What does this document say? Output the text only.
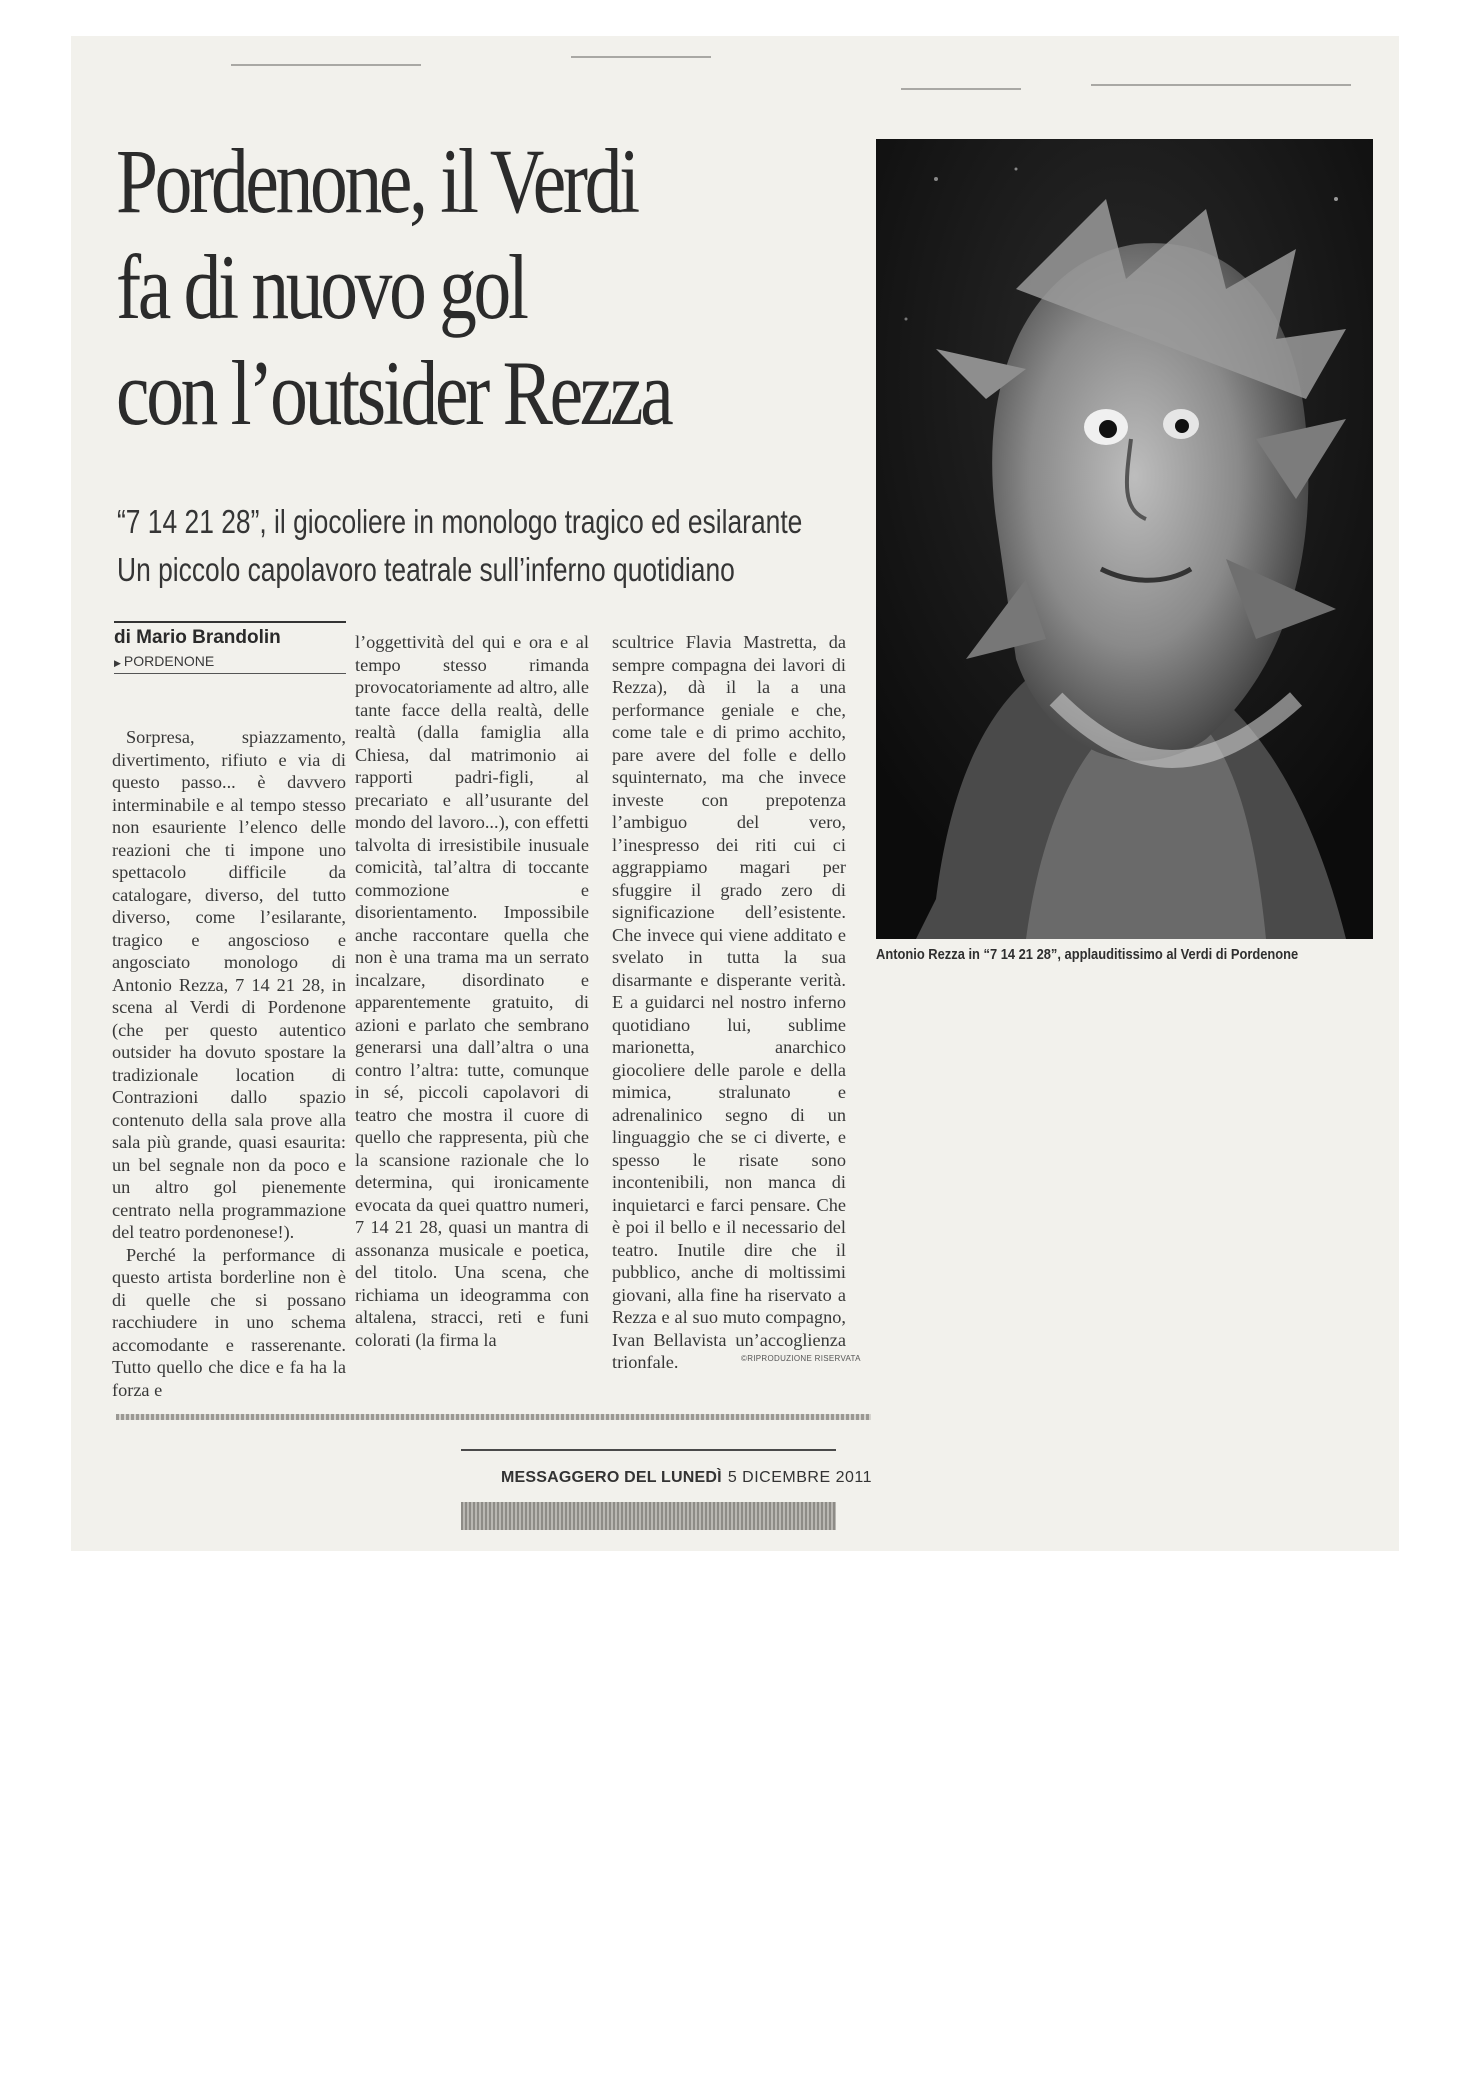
Pordenone, il Verdi
fa di nuovo gol
con l’outsider Rezza
“7 14 21 28”, il giocoliere in monologo tragico ed esilarante
Un piccolo capolavoro teatrale sull’inferno quotidiano
di Mario Brandolin
▶ PORDENONE

Sorpresa, spiazzamento, divertimento, rifiuto e via di questo passo... è davvero interminabile e al tempo stesso non esauriente l’elenco delle reazioni che ti impone uno spettacolo difficile da catalogare, diverso, del tutto diverso, come l’esilarante, tragico e angoscioso e angosciato monologo di Antonio Rezza, 7 14 21 28, in scena al Verdi di Pordenone (che per questo autentico outsider ha dovuto spostare la tradizionale location di Contrazioni dallo spazio contenuto della sala prove alla sala più grande, quasi esaurita: un bel segnale non da poco e un altro gol pienemente centrato nella programmazione del teatro pordenonese!).

Perché la performance di questo artista borderline non è di quelle che si possano racchiudere in uno schema accomodante e rasserenante. Tutto quello che dice e fa ha la forza e

l’oggettività del qui e ora e al tempo stesso rimanda provocatoriamente ad altro, alle tante facce della realtà, delle realtà (dalla famiglia alla Chiesa, dal matrimonio ai rapporti padri-figli, al precariato e all’usurante del mondo del lavoro...), con effetti talvolta di irresistibile inusuale comicità, tal’altra di toccante commozione e disorientamento. Impossibile anche raccontare quella che non è una trama ma un serrato incalzare, disordinato e apparentemente gratuito, di azioni e parlato che sembrano generarsi una dall’altra o una contro l’altra: tutte, comunque in sé, piccoli capolavori di teatro che mostra il cuore di quello che rappresenta, più che la scansione razionale che lo determina, qui ironicamente evocata da quei quattro numeri, 7 14 21 28, quasi un mantra di assonanza musicale e poetica, del titolo. Una scena, che richiama un ideogramma con altalena, stracci, reti e funi colorati (la firma la

scultrice Flavia Mastretta, da sempre compagna dei lavori di Rezza), dà il la a una performance geniale e che, come tale e di primo acchito, pare avere del folle e dello squinternato, ma che invece investe con prepotenza l’ambiguo del vero, l’inespresso dei riti cui ci aggrappiamo magari per sfuggire il grado zero di significazione dell’esistente. Che invece qui viene additato e svelato in tutta la sua disarmante e disperante verità. E a guidarci nel nostro inferno quotidiano lui, sublime marionetta, anarchico giocoliere delle parole e della mimica, stralunato e adrenalinico segno di un linguaggio che se ci diverte, e spesso le risate sono incontenibili, non manca di inquietarci e farci pensare. Che è poi il bello e il necessario del teatro. Inutile dire che il pubblico, anche di moltissimi giovani, alla fine ha riservato a Rezza e al suo muto compagno, Ivan Bellavista un’accoglienza trionfale.	©RIPRODUZIONE RISERVATA
Antonio Rezza in “7 14 21 28”, applauditissimo al Verdi di Pordenone
MESSAGGERO DEL LUNEDÌ 5 DICEMBRE 2011
